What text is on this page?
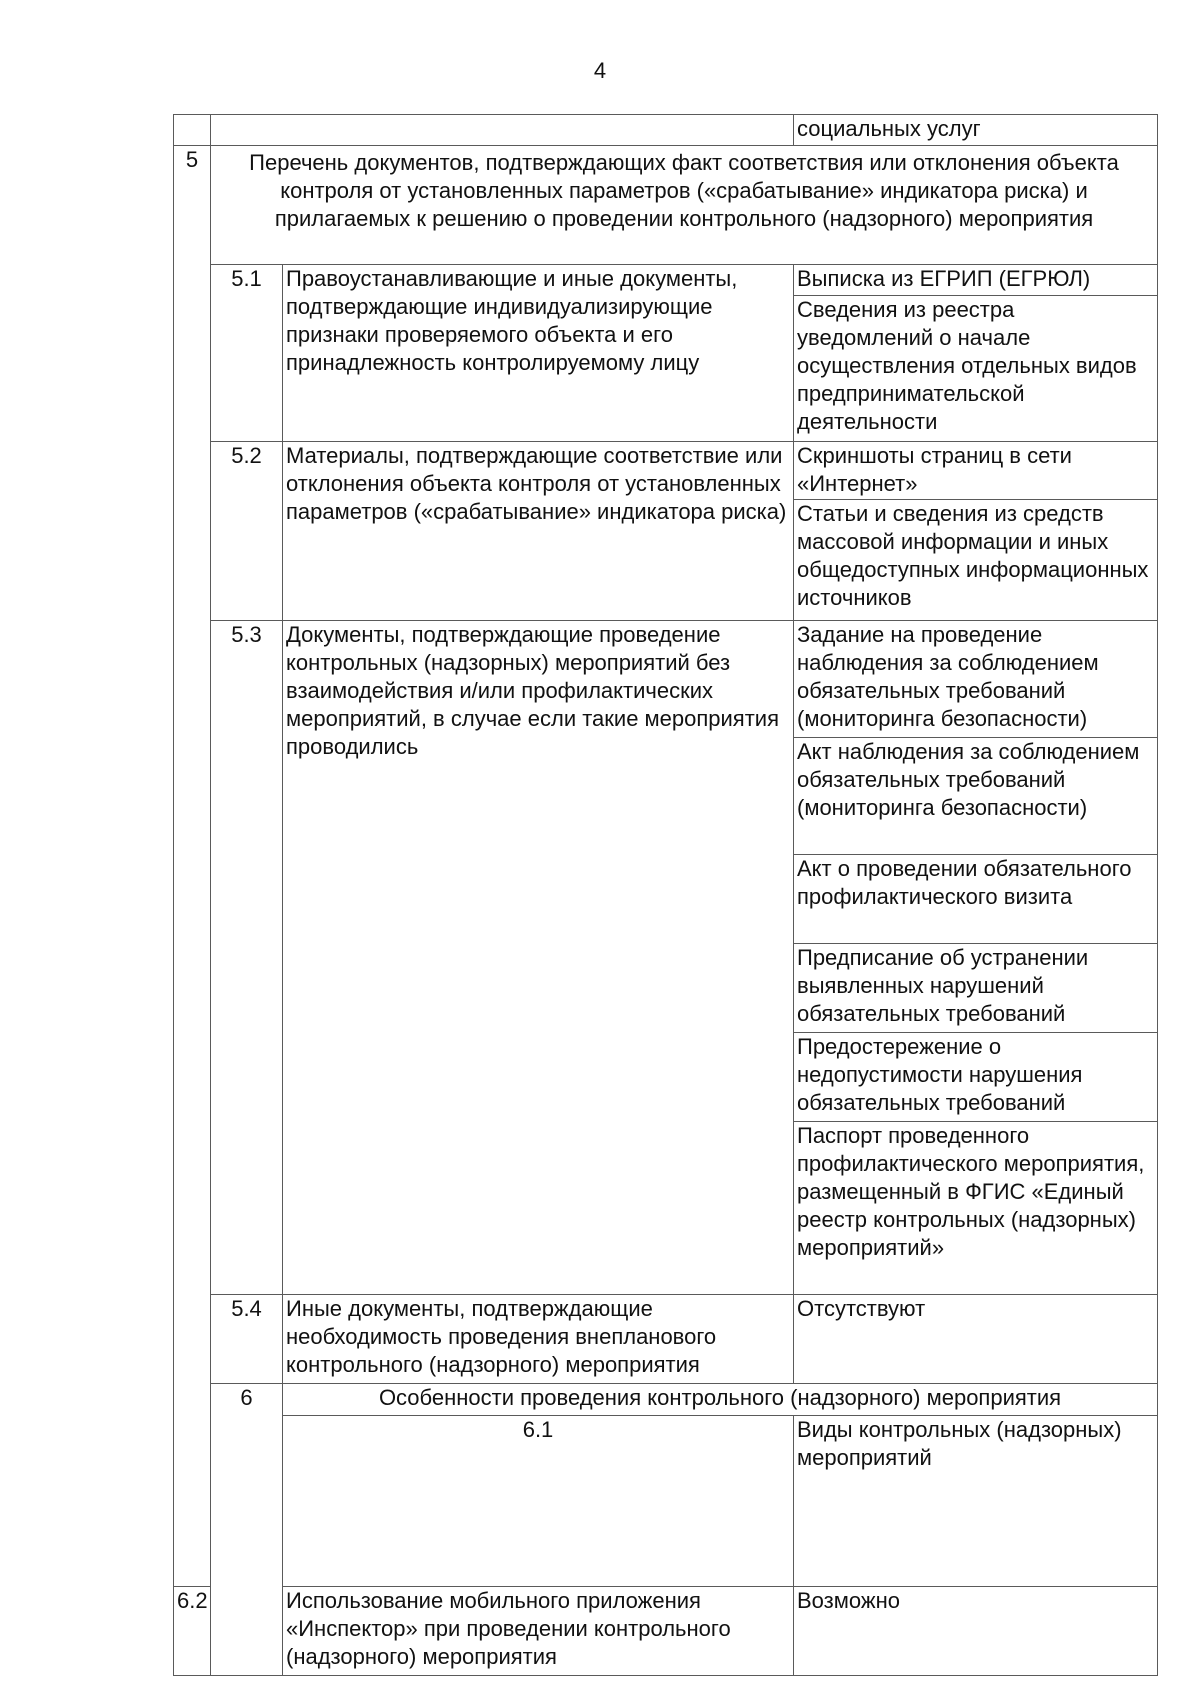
4
			социальных услуг	
5	Перечень документов, подтверждающих факт соответствия или отклонения объекта контроля от установленных параметров («срабатывание» индикатора риска) и прилагаемых к решению о проведении контрольного (надзорного) мероприятия			
	5.1	Правоустанавливающие и иные документы, подтверждающие индивидуализирующие признаки проверяемого объекта и его принадлежность контролируемому лицу	Выписка из ЕГРИП (ЕГРЮЛ)	
			Сведения из реестра уведомлений о начале осуществления отдельных видов предпринимательской деятельности	
	5.2	Материалы, подтверждающие соответствие или отклонения объекта контроля от установленных параметров («срабатывание» индикатора риска)	Скриншоты страниц в сети «Интернет»	
			Статьи и сведения из средств массовой информации и иных общедоступных информационных источников	
	5.3	Документы, подтверждающие проведение контрольных (надзорных) мероприятий без взаимодействия и/или профилактических мероприятий, в случае если такие мероприятия проводились	Задание на проведение наблюдения за соблюдением обязательных требований (мониторинга безопасности)	
			Акт наблюдения за соблюдением обязательных требований (мониторинга безопасности)	
			Акт о проведении обязательного профилактического визита	
			Предписание об устранении выявленных нарушений обязательных требований	
			Предостережение о недопустимости нарушения обязательных требований	
			Паспорт проведенного профилактического мероприятия, размещенный в ФГИС «Единый реестр контрольных (надзорных) мероприятий»	
	5.4	Иные документы, подтверждающие необходимость проведения внепланового контрольного (надзорного) мероприятия	Отсутствуют	
	6	Особенности проведения контрольного (надзорного) мероприятия		
		6.1	Виды контрольных (надзорных) мероприятий	

6.2		Использование мобильного приложения «Инспектор» при проведении контрольного (надзорного) мероприятия	Возможно	
